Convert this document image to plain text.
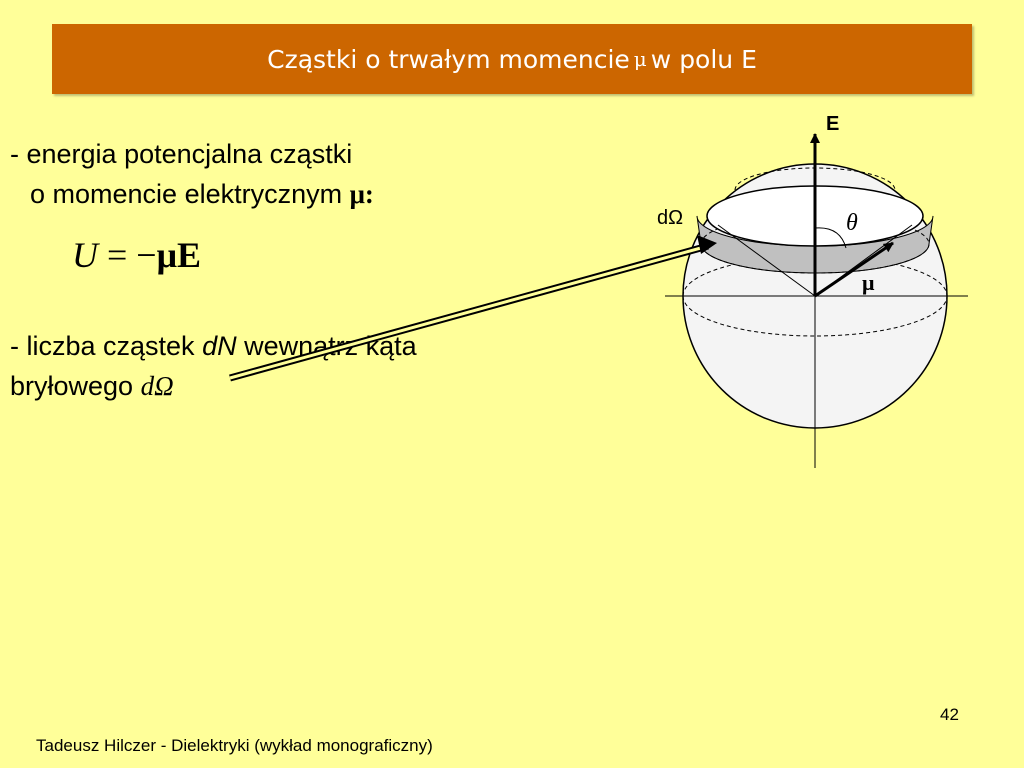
Cząstki o trwałym momencie μ w polu E
- energia potencjalna cząstki
o momencie elektrycznym μ:
U = −μE
- liczba cząstek dN wewnątrz kąta
bryłowego dΩ
E
dΩ	θ
μ
42
Tadeusz Hilczer - Dielektryki (wykład monograficzny)
